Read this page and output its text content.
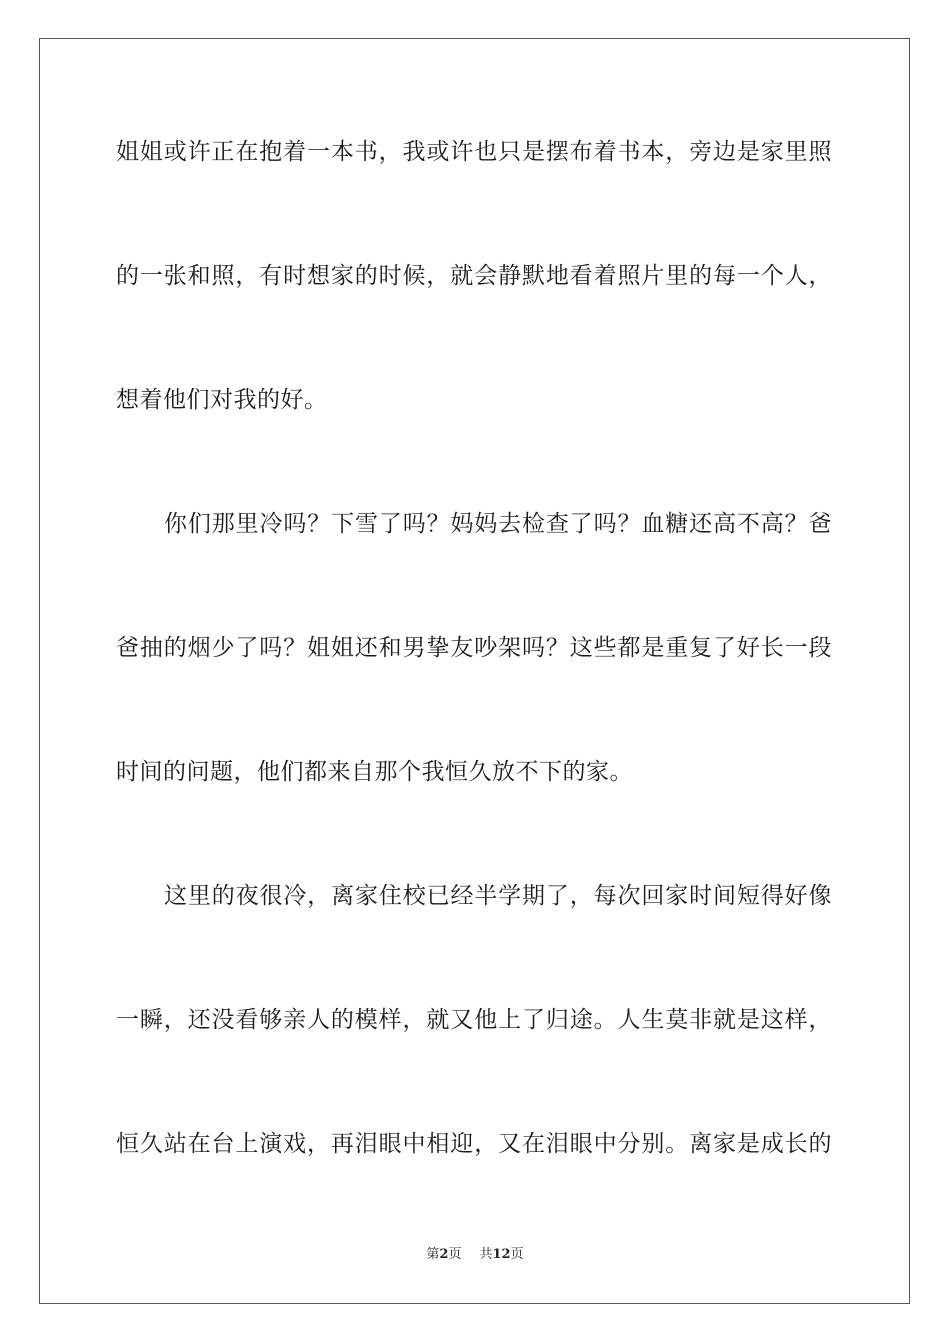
姐姐或许正在抱着一本书，我或许也只是摆布着书本，旁边是家里照
的一张和照，有时想家的时候，就会静默地看着照片里的每一个人，
想着他们对我的好。
你们那里冷吗？下雪了吗？妈妈去检查了吗？血糖还高不高？爸
爸抽的烟少了吗？姐姐还和男挚友吵架吗？这些都是重复了好长一段
时间的问题，他们都来自那个我恒久放不下的家。
这里的夜很冷，离家住校已经半学期了，每次回家时间短得好像
一瞬，还没看够亲人的模样，就又他上了归途。人生莫非就是这样，
恒久站在台上演戏，再泪眼中相迎，又在泪眼中分别。离家是成长的
第2页 共12页
